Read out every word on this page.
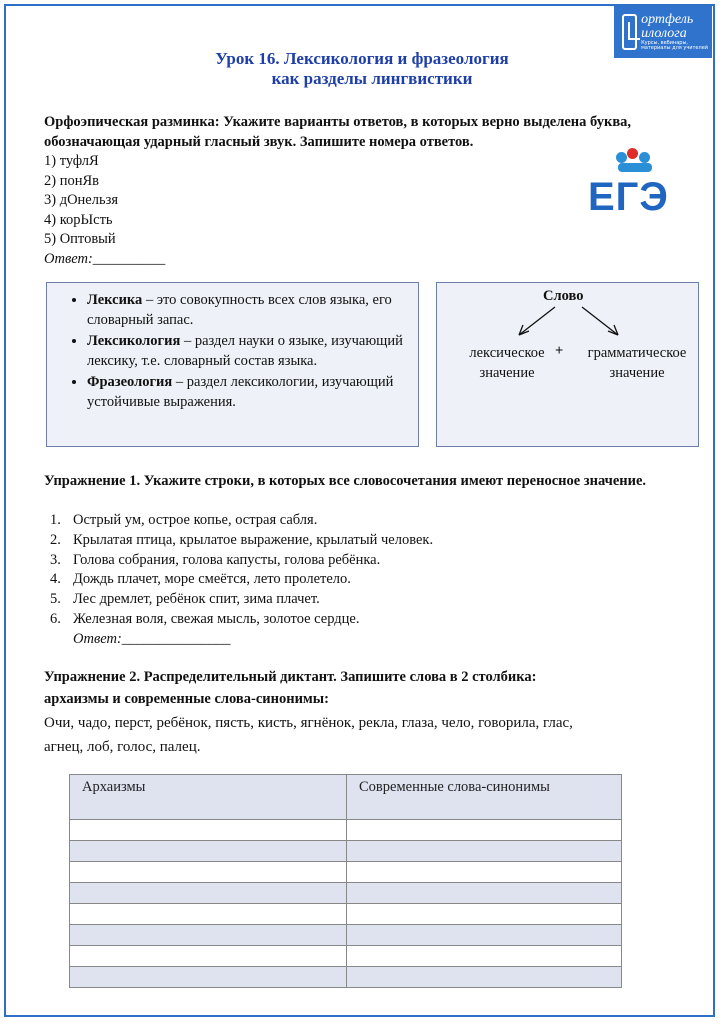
ортфель
илолога
Курсы, вебинары, материалы для учителей
Урок 16. Лексикология и фразеология
как разделы лингвистики

Орфоэпическая разминка: Укажите варианты ответов, в которых верно выделена буква, обозначающая ударный гласный звук. Запишите номера ответов.

1) туфлЯ
2) понЯв
3) дОнельзя
4) корЫсть
5) Оптовый
Ответ:__________
ЕГЭ
• Лексика – это совокупность всех слов языка, его словарный запас.
• Лексикология – раздел науки о языке, изучающий лексику, т.е. словарный состав языка.
• Фразеология – раздел лексикологии, изучающий устойчивые выражения.
Слово
лексическое
значение
+	грамматическое
значение

Упражнение 1. Укажите строки, в которых все словосочетания имеют переносное значение.

1. Острый ум, острое копье, острая сабля.
2. Крылатая птица, крылатое выражение, крылатый человек.
3. Голова собрания, голова капусты, голова ребёнка.
4. Дождь плачет, море смеётся, лето пролетело.
5. Лес дремлет, ребёнок спит, зима плачет.
6. Железная воля, свежая мысль, золотое сердце.
Ответ: _______________

Упражнение 2. Распределительный диктант. Запишите слова в 2 столбика:
архаизмы и современные слова-синонимы:

Очи, чадо, перст, ребёнок, пясть, кисть, ягнёнок, рекла, глаза, чело, говорила, глас,
агнец, лоб, голос, палец.

Архаизмы	Современные слова-синонимы
